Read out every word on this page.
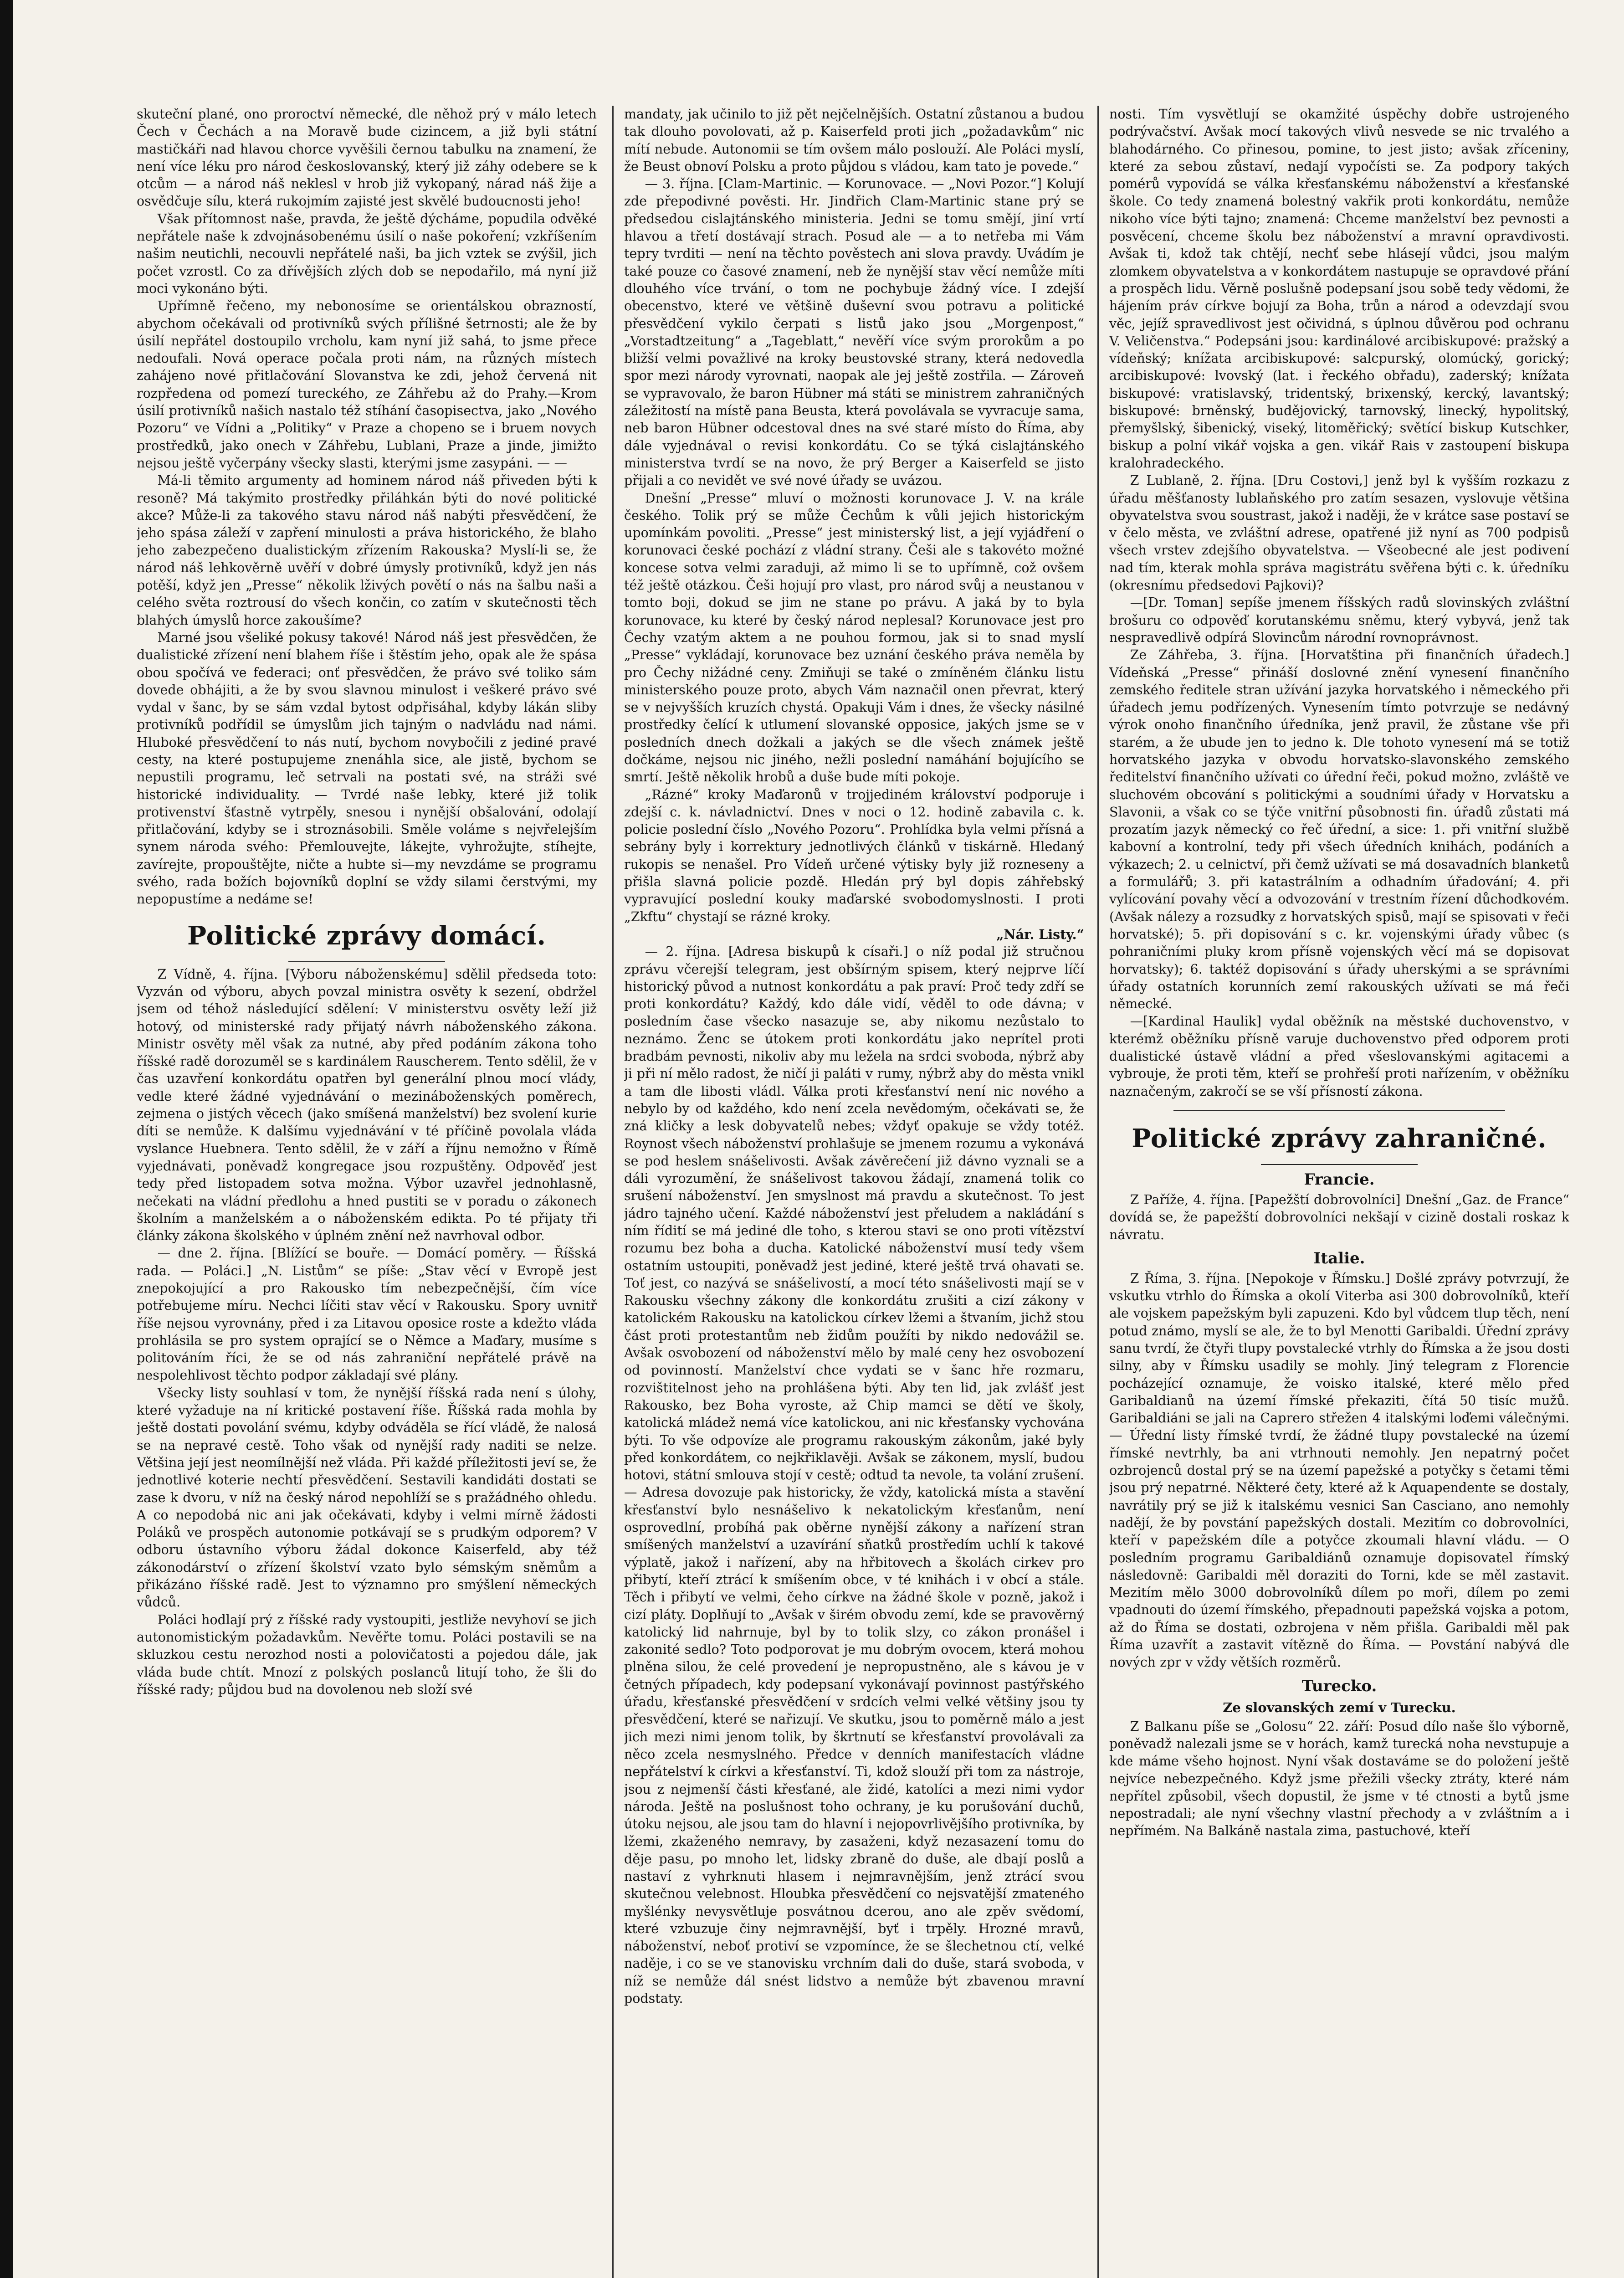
skuteční plané, ono proroctví německé, dle něhož prý v málo letech Čech v Čechách a na Moravě bude cizincem, a již byli státní mastičkáři nad hlavou chorce vyvěšili černou tabulku na znamení, že není více léku pro národ českoslovanský, který již záhy odebere se k otcům — a národ náš neklesl v hrob již vykopaný, nárad náš žije a osvědčuje sílu, která rukojmím zajisté jest skvělé budoucnosti jeho!

Však přítomnost naše, pravda, že ještě dýcháme, popudila odvěké nepřátele naše k zdvojnásobenému úsilí o naše pokoření; vzkříšením našim neutichli, necouvli nepřátelé naši, ba jich vztek se zvýšil, jich počet vzrostl. Co za dřívějších zlých dob se nepodařilo, má nyní již moci vykonáno býti.

Upřímně řečeno, my nebonosíme se orientálskou obrazností, abychom očekávali od protivníků svých přílišné šetrnosti; ale že by úsilí nepřátel dostoupilo vrcholu, kam nyní již sahá, to jsme přece nedoufali. Nová operace počala proti nám, na různých místech zahájeno nové přitlačování Slovanstva ke zdi, jehož červená nit rozpředena od pomezí tureckého, ze Záhřebu až do Prahy.—Krom úsilí protivníků našich nastalo též stíhání časopisectva, jako „Nového Pozoru“ ve Vídni a „Politiky“ v Praze a chopeno se i bruem novych prostředků, jako onech v Záhřebu, Lublani, Praze a jinde, jimižto nejsou ještě vyčerpány všecky slasti, kterými jsme zasypáni. — —

Má-li těmito argumenty ad hominem národ náš přiveden býti k resoně? Má takýmito prostředky přiláhkán býti do nové politické akce? Může-li za takového stavu národ náš nabýti přesvědčení, že jeho spása záleží v zapření minulosti a práva historického, že blaho jeho zabezpečeno dualistickým zřízením Rakouska? Myslí-li se, že národ náš lehkověrně uvěří v dobré úmysly protivníků, když jen nás potěší, když jen „Presse“ několik lživých povětí o nás na šalbu naši a celého světa roztrousí do všech končin, co zatím v skutečnosti těch blahých úmyslů horce zakoušíme?

Marné jsou všeliké pokusy takové! Národ náš jest přesvědčen, že dualistické zřízení není blahem říše i štěstím jeho, opak ale že spása obou spočívá ve federaci; onť přesvědčen, že právo své toliko sám dovede obhájiti, a že by svou slavnou minulost i veškeré právo své vydal v šanc, by se sám vzdal bytost odpřisáhal, kdyby lákán sliby protivníků podřídil se úmyslům jich tajným o nadvládu nad námi. Hluboké přesvědčení to nás nutí, bychom novybočili z jediné pravé cesty, na které postupujeme znenáhla sice, ale jistě, bychom se nepustili programu, leč setrvali na postati své, na stráži své historické individuality. — Tvrdé naše lebky, které již tolik protivenství šťastně vytrpěly, snesou i nynější obšalování, odolají přitlačování, kdyby se i stroznásobili. Směle voláme s nejvřelejším synem národa svého: Přemlouvejte, lákejte, vyhrožujte, stíhejte, zavírejte, propouštějte, ničte a hubte si—my nevzdáme se programu svého, rada božích bojovníků doplní se vždy silami čerstvými, my nepopustíme a nedáme se!

Politické zprávy domácí.

Z Vídně, 4. října. [Výboru náboženskému] sdělil předseda toto: Vyzván od výboru, abych povzal ministra osvěty k sezení, obdržel jsem od téhož následující sdělení: V ministerstvu osvěty leží již hotový, od ministerské rady přijatý návrh náboženského zákona. Ministr osvěty měl však za nutné, aby před podáním zákona toho říšské radě dorozuměl se s kardinálem Rauscherem. Tento sdělil, že v čas uzavření konkordátu opatřen byl generální plnou mocí vlády, vedle které žádné vyjednávání o mezináboženských poměrech, zejmena o jistých věcech (jako smíšená manželství) bez svolení kurie díti se nemůže. K dalšímu vyjednávání v té příčině povolala vláda vyslance Huebnera. Tento sdělil, že v září a říjnu nemožno v Římě vyjednávati, poněvadž kongregace jsou rozpuštěny. Odpověď jest tedy před listopadem sotva možna. Výbor uzavřel jednohlasně, nečekati na vládní předlohu a hned pustiti se v poradu o zákonech školním a manželském a o náboženském edikta. Po té přijaty tři články zákona školského v úplném znění než navrhoval odbor.

— dne 2. října. [Blížící se bouře. — Domácí poměry. — Říšská rada. — Poláci.] „N. Listům“ se píše: „Stav věcí v Evropě jest znepokojující a pro Rakousko tím nebezpečnější, čím více potřebujeme míru. Nechci líčiti stav věcí v Rakousku. Spory uvnitř říše nejsou vyrovnány, před i za Litavou oposice roste a kdežto vláda prohlásila se pro system oprající se o Němce a Maďary, musíme s politováním říci, že se od nás zahraniční nepřátelé právě na nespolehlivost těchto podpor základají své plány.

Všecky listy souhlasí v tom, že nynější říšská rada není s úlohy, které vyžaduje na ní kritické postavení říše. Říšská rada mohla by ještě dostati povolání svému, kdyby odváděla se řící vládě, že nalosá se na nepravé cestě. Toho však od nynější rady naditi se nelze. Většina její jest neomílnější než vláda. Při každé příležitosti jeví se, že jednotlivé koterie nechtí přesvědčení. Sestavili kandidáti dostati se zase k dvoru, v níž na český národ nepohlíží se s pražádného ohledu. A co nepodobá nic ani jak očekávati, kdyby i velmi mírně žádosti Poláků ve prospěch autonomie potkávají se s prudkým odporem? V odboru ústavního výboru žádal dokonce Kaiserfeld, aby též zákonodárství o zřízení školství vzato bylo sémským sněmům a přikázáno říšské radě. Jest to významno pro smýšlení německých vůdců.

Poláci hodlají prý z říšské rady vystoupiti, jestliže nevyhoví se jich autonomistickým požadavkům. Nevěřte tomu. Poláci postavili se na skluzkou cestu nerozhod nosti a polovičatosti a pojedou dále, jak vláda bude chtít. Mnozí z polských poslanců litují toho, že šli do říšské rady; půjdou bud na dovolenou neb složí své

mandaty, jak učinilo to již pět nejčelnějších. Ostatní zůstanou a budou tak dlouho povolovati, až p. Kaiserfeld proti jich „požadavkům“ nic mítí nebude. Autonomii se tím ovšem málo poslouží. Ale Poláci myslí, že Beust obnoví Polsku a proto půjdou s vládou, kam tato je povede.“

— 3. října. [Clam-Martinic. — Korunovace. — „Novi Pozor.“] Kolují zde přepodivné pověsti. Hr. Jindřich Clam-Martinic stane prý se předsedou cislajtánského ministeria. Jedni se tomu smějí, jiní vrtí hlavou a třetí dostávají strach. Posud ale — a to netřeba mi Vám tepry tvrditi — není na těchto pověstech ani slova pravdy. Uvádím je také pouze co časové znamení, neb že nynější stav věcí nemůže míti dlouhého více trvání, o tom ne pochybuje žádný více. I zdejší obecenstvo, které ve většině duševní svou potravu a politické přesvědčení vykilo čerpati s listů jako jsou „Morgenpost,“ „Vorstadtzeitung“ a „Tageblatt,“ nevěří více svým prorokům a po bližší velmi považlivé na kroky beustovské strany, která nedovedla spor mezi národy vyrovnati, naopak ale jej ještě zostřila. — Zároveň se vypravovalo, že baron Hübner má státi se ministrem zahraničných záležitostí na místě pana Beusta, která povolávala se vyvracuje sama, neb baron Hübner odcestoval dnes na své staré místo do Říma, aby dále vyjednával o revisi konkordátu. Co se týká cislajtánského ministerstva tvrdí se na novo, že prý Berger a Kaiserfeld se jisto přijali a co nevidět ve své nové úřady se uvázou.

Dnešní „Presse“ mluví o možnosti korunovace J. V. na krále českého. Tolik prý se může Čechům k vůli jejich historickým upomínkám povoliti. „Presse“ jest ministerský list, a její vyjádření o korunovaci české pochází z vládní strany. Češi ale s takovéto možné koncese sotva velmi zaraduji, až mimo li se to upřímně, což ovšem též ještě otázkou. Češi hojují pro vlast, pro národ svůj a neustanou v tomto boji, dokud se jim ne stane po právu. A jaká by to byla korunovace, ku které by český národ neplesal? Korunovace jest pro Čechy vzatým aktem a ne pouhou formou, jak si to snad myslí „Presse“ vykládají, korunovace bez uznání českého práva neměla by pro Čechy nižádné ceny. Zmiňuji se také o zmíněném článku listu ministerského pouze proto, abych Vám naznačil onen převrat, který se v nejvyšších kruzích chystá. Opakuji Vám i dnes, že všecky násilné prostředky čelící k utlumení slovanské opposice, jakých jsme se v posledních dnech dožkali a jakých se dle všech známek ještě dočkáme, nejsou nic jiného, nežli poslední namáhání bojujícího se smrtí. Ještě několik hrobů a duše bude míti pokoje.

„Rázné“ kroky Maďaronů v trojjediném království podporuje i zdejší c. k. návladnictví. Dnes v noci o 12. hodině zabavila c. k. policie poslední číslo „Nového Pozoru“. Prohlídka byla velmi přísná a sebrány byly i korrektury jednotlivých článků v tiskárně. Hledaný rukopis se nenašel. Pro Vídeň určené výtisky byly již rozneseny a přišla slavná policie pozdě. Hledán prý byl dopis záhřebský vypravující poslední kouky maďarské svobodomyslnosti. I proti „Zkftu“ chystají se rázné kroky.

„Nár. Listy.“

— 2. října. [Adresa biskupů k císaři.] o níž podal již stručnou zprávu včerejší telegram, jest obšírným spisem, který nejprve líčí historický původ a nutnost konkordátu a pak praví: Proč tedy zdří se proti konkordátu? Každý, kdo dále vidí, věděl to ode dávna; v posledním čase všecko nasazuje se, aby nikomu nezůstalo to neznámo. Ženc se útokem proti konkordátu jako neprítel proti bradbám pevnosti, nikoliv aby mu ležela na srdci svoboda, nýbrž aby ji při ní mělo radost, že ničí ji paláti v rumy, nýbrž aby do města vnikl a tam dle libosti vládl. Válka proti křesťanství není nic nového a nebylo by od každého, kdo není zcela nevědomým, očekávati se, že zná kličky a lesk dobyvatelů nebes; vždyť opakuje se vždy totéž. Roynost všech náboženství prohlašuje se jmenem rozumu a vykonává se pod heslem snášelivosti. Avšak závěrečení již dávno vyznali se a dáli vyrozumění, že snášelivost takovou žádají, znamená tolik co srušení náboženství. Jen smyslnost má pravdu a skutečnost. To jest jádro tajného učení. Každé náboženství jest přeludem a nakládání s ním řídití se má jediné dle toho, s kterou stavi se ono proti vítězství rozumu bez boha a ducha. Katolické náboženství musí tedy všem ostatním ustoupiti, poněvadž jest jediné, které ještě trvá ohavati se. Toť jest, co nazývá se snášelivostí, a mocí této snášelivosti mají se v Rakousku všechny zákony dle konkordátu zrušiti a cizí zákony v katolickém Rakousku na katolickou církev lžemi a štvaním, jichž stou část proti protestantům neb židům použíti by nikdo nedovážil se. Avšak osvobození od náboženství mělo by malé ceny hez osvobození od povinností. Manželství chce vydati se v šanc hře rozmaru, rozvištitelnost jeho na prohlášena býti. Aby ten lid, jak zvlášť jest Rakousko, bez Boha vyroste, až Chip mamci se dětí ve školy, katolická mládež nemá více katolickou, ani nic křesťansky vychována býti. To vše odpovíze ale programu rakouským zákonům, jaké byly před konkordátem, co nejkřiklavěji. Avšak se zákonem, myslí, budou hotovi, státní smlouva stojí v cestě; odtud ta nevole, ta volání zrušení. — Adresa dovozuje pak historicky, že vždy, katolická místa a stavění křesťanství bylo nesnášelivo k nekatolickým křesťanům, není osprovedlní, probíhá pak oběrne nynější zákony a nařízení stran smíšených manželství a uzavírání sňatků prostředím uchlí k takové výplatě, jakož i nařízení, aby na hřbitovech a školách cirkev pro přibytí, kteří ztrácí k smíšením obce, v té knihách i v obcí a stále. Těch i přibytí ve velmi, čeho církve na žádné škole v pozně, jakož i cizí pláty. Doplňují to „Avšak v širém obvodu zemí, kde se pravověrný katolický lid nahrnuje, byl by to tolik slzy, co zákon pronášel i zakonité sedlo? Toto podporovat je mu dobrým ovocem, která mohou plněna silou, že celé provedení je nepropustněno, ale s kávou je v četných případech, kdy podepsaní vykonávají povinnost pastýřského úřadu, křesťanské přesvědčení v srdcích velmi velké většiny jsou ty přesvědčení, které se nařizují. Ve skutku, jsou to poměrně málo a jest jich mezi nimi jenom tolik, by škrtnutí se křesťanství provolávali za něco zcela nesmyslného. Předce v denních manifestacích vládne nepřátelství k církvi a křesťanství. Ti, kdož slouží při tom za nástroje, jsou z nejmenší části křesťané, ale židé, katolíci a mezi nimi vydor národa. Ještě na poslušnost toho ochrany, je ku porušování duchů, útoku nejsou, ale jsou tam do hlavní i nejopovrlivějšího protivníka, by lžemi, zkaženého nemravy, by zasaženi, když nezasazení tomu do děje pasu, po mnoho let, lidsky zbraně do duše, ale dbají poslů a nastaví z vyhrknuti hlasem i nejmravnějším, jenž ztrácí svou skutečnou velebnost. Hloubka přesvědčení co nejsvatější zmateného myšlénky nevysvětluje posvátnou dcerou, ano ale zpěv svědomí, které vzbuzuje činy nejmravnější, byť i trpěly. Hrozné mravů, náboženství, neboť protiví se vzpomínce, že se šlechetnou ctí, velké naděje, i co se ve stanovisku vrchním dali do duše, stará svoboda, v níž se nemůže dál snést lidstvo a nemůže být zbavenou mravní podstaty.

nosti. Tím vysvětlují se okamžité úspěchy dobře ustrojeného podrývačství. Avšak mocí takových vlivů nesvede se nic trvalého a blahodárného. Co přinesou, pomine, to jest jisto; avšak zříceniny, které za sebou zůstaví, nedají vypočísti se. Za podpory takých pomérů vypovídá se válka křesťanskému náboženství a křesťanské škole. Co tedy znamená bolestný vakřik proti konkordátu, nemůže nikoho více býti tajno; znamená: Chceme manželství bez pevnosti a posvěcení, chceme školu bez náboženství a mravní opravdivosti. Avšak ti, kdož tak chtějí, nechť sebe hlásejí vůdci, jsou malým zlomkem obyvatelstva a v konkordátem nastupuje se opravdové přání a prospěch lidu. Věrně poslušně podepsaní jsou sobě tedy vědomi, že hájením práv církve bojují za Boha, trůn a národ a odevzdají svou věc, jejíž spravedlivost jest očividná, s úplnou důvěrou pod ochranu V. Veličenstva.“ Podepsáni jsou: kardinálové arcibiskupové: pražský a vídeňský; knížata arcibiskupové: salcpurský, olomúcký, gorický; arcibiskupové: lvovský (lat. i řeckého obřadu), zaderský; knížata biskupové: vratislavský, tridentský, brixenský, kercký, lavantský; biskupové: brněnský, budějovický, tarnovský, linecký, hypolitský, přemyšlský, šibenický, viseký, litoměřický; světící biskup Kutschker, biskup a polní vikář vojska a gen. vikář Rais v zastoupení biskupa kralohradeckého.

Z Lublaně, 2. října. [Dru Costovi,] jenž byl k vyšším rozkazu z úřadu měšťanosty lublaňského pro zatím sesazen, vyslovuje většina obyvatelstva svou soustrast, jakož i naději, že v krátce sase postaví se v čelo města, ve zvláštní adrese, opatřené již nyní as 700 podpisů všech vrstev zdejšího obyvatelstva. — Všeobecné ale jest podivení nad tím, kterak mohla správa magistrátu svěřena býti c. k. úředníku (okresnímu předsedovi Pajkovi)?

—[Dr. Toman] sepíše jmenem říšských radů slovinských zvláštní brošuru co odpověď korutanskému sněmu, který vybyvá, jenž tak nespravedlivě odpírá Slovincům národní rovnoprávnost.

Ze Záhřeba, 3. října. [Horvatština při finančních úřadech.] Vídeňská „Presse“ přináší doslovné znění vynesení finančního zemského ředitele stran užívání jazyka horvatského i německého při úřadech jemu podřízených. Vynesením tímto potvrzuje se nedávný výrok onoho finančního úředníka, jenž pravil, že zůstane vše při starém, a že ubude jen to jedno k. Dle tohoto vynesení má se totiž horvatského jazyka v obvodu horvatsko-slavonského zemského ředitelství finančního užívati co úřední řeči, pokud možno, zvláště ve sluchovém obcování s politickými a soudními úřady v Horvatsku a Slavonii, a však co se týče vnitřní působnosti fin. úřadů zůstati má prozatím jazyk německý co řeč úřední, a sice: 1. při vnitřní službě kabovní a kontrolní, tedy při všech úředních knihách, podáních a výkazech; 2. u celnictví, při čemž užívati se má dosavadních blanketů a formulářů; 3. při katastrálním a odhadním úřadování; 4. při vylícování povahy věcí a odvozování v trestním řízení důchodkovém. (Avšak nálezy a rozsudky z horvatských spisů, mají se spisovati v řeči horvatské); 5. při dopisování s c. kr. vojenskými úřady vůbec (s pohraničními pluky krom přísně vojenských věcí má se dopisovat horvatsky); 6. taktéž dopisování s úřady uherskými a se správními úřady ostatních korunních zemí rakouských užívati se má řeči německé.

—[Kardinal Haulik] vydal oběžník na městské duchovenstvo, v kterémž oběžníku přísně varuje duchovenstvo před odporem proti dualistické ústavě vládní a před všeslovanskými agitacemi a vybrouje, že proti těm, kteří se prohřeší proti nařízením, v oběžníku naznačeným, zakročí se se vší přísností zákona.

Politické zprávy zahraničné.
Francie.

Z Paříže, 4. října. [Papežští dobrovolníci] Dnešní „Gaz. de France“ dovídá se, že papežští dobrovolníci nekšají v cizině dostali roskaz k návratu.

Italie.

Z Říma, 3. října. [Nepokoje v Římsku.] Došlé zprávy potvrzují, že vskutku vtrhlo do Římska a okolí Viterba asi 300 dobrovolníků, kteří ale vojskem papežským byli zapuzeni. Kdo byl vůdcem tlup těch, není potud známo, myslí se ale, že to byl Menotti Garibaldi. Úřední zprávy sanu tvrdí, že čtyři tlupy povstalecké vtrhly do Římska a že jsou dosti silny, aby v Římsku usadily se mohly. Jiný telegram z Florencie pocházející oznamuje, že voisko italské, které mělo před Garibaldianů na území římské překaziti, čítá 50 tisíc mužů. Garibaldiáni se jali na Caprero střežen 4 italskými loďemi válečnými. — Úřední listy římské tvrdí, že žádné tlupy povstalecké na území římské nevtrhly, ba ani vtrhnouti nemohly. Jen nepatrný počet ozbrojenců dostal prý se na území papežské a potyčky s četami těmi jsou prý nepatrné. Některé čety, které až k Aquapendente se dostaly, navrátily prý se již k italskému vesnici San Casciano, ano nemohly nadějí, že by povstání papežských dostali. Mezitím co dobrovolníci, kteří v papežském díle a potyčce zkoumali hlavní vládu. — O posledním programu Garibaldiánů oznamuje dopisovatel římský následovně: Garibaldi měl doraziti do Torni, kde se měl zastavit. Mezitím mělo 3000 dobrovolníků dílem po moři, dílem po zemi vpadnouti do území římského, přepadnouti papežská vojska a potom, až do Říma se dostati, ozbrojena v něm přišla. Garibaldi měl pak Říma uzavřít a zastavit vítězně do Říma. — Povstání nabývá dle nových zpr v vždy větších rozměrů.

Turecko.
Ze slovanských zemí v Turecku.

Z Balkanu píše se „Golosu“ 22. září: Posud dílo naše šlo výborně, poněvadž nalezali jsme se v horách, kamž turecká noha nevstupuje a kde máme všeho hojnost. Nyní však dostaváme se do položení ještě nejvíce nebezpečného. Když jsme přežili všecky ztráty, které nám nepřítel způsobil, všech dopustil, že jsme v té ctnosti a bytů jsme nepostradali; ale nyní všechny vlastní přechody a v zvláštním a i nepřímém. Na Balkáně nastala zima, pastuchové, kteří
